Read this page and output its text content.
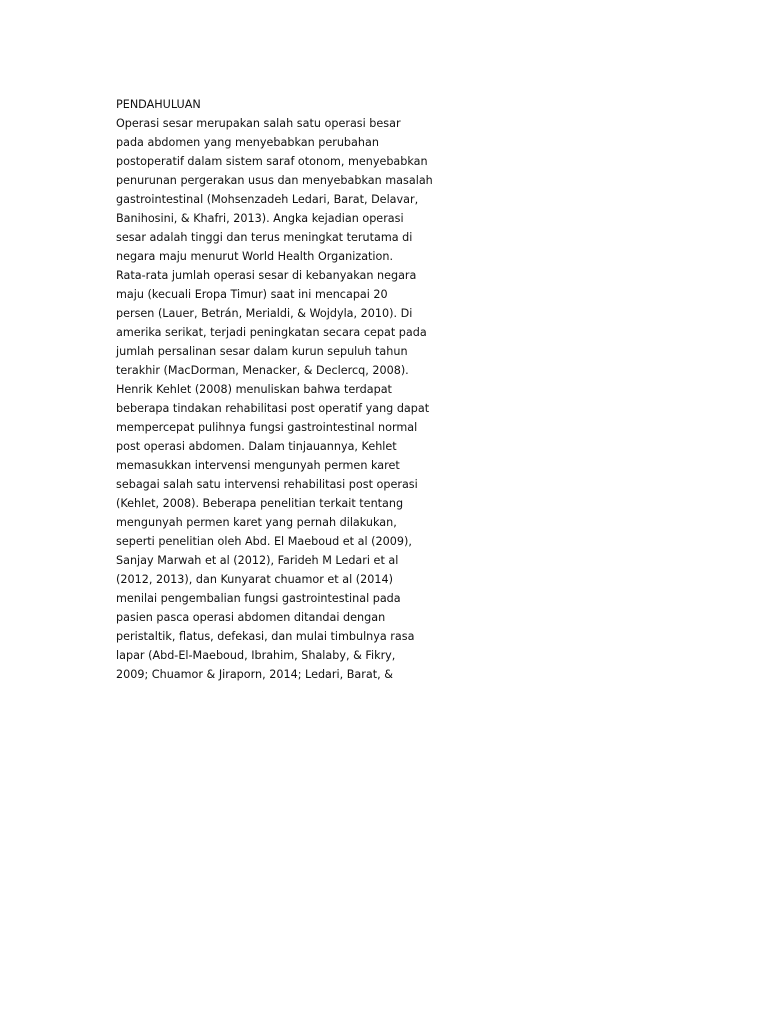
PENDAHULUAN
Operasi sesar merupakan salah satu operasi besar
pada abdomen yang menyebabkan perubahan
postoperatif dalam sistem saraf otonom, menyebabkan
penurunan pergerakan usus dan menyebabkan masalah
gastrointestinal (Mohsenzadeh Ledari, Barat, Delavar,
Banihosini, & Khafri, 2013). Angka kejadian operasi
sesar adalah tinggi dan terus meningkat terutama di
negara maju menurut World Health Organization.
Rata-rata jumlah operasi sesar di kebanyakan negara
maju (kecuali Eropa Timur) saat ini mencapai 20
persen (Lauer, Betrán, Merialdi, & Wojdyla, 2010). Di
amerika serikat, terjadi peningkatan secara cepat pada
jumlah persalinan sesar dalam kurun sepuluh tahun
terakhir (MacDorman, Menacker, & Declercq, 2008).
Henrik Kehlet (2008) menuliskan bahwa terdapat
beberapa tindakan rehabilitasi post operatif yang dapat
mempercepat pulihnya fungsi gastrointestinal normal
post operasi abdomen. Dalam tinjauannya, Kehlet
memasukkan intervensi mengunyah permen karet
sebagai salah satu intervensi rehabilitasi post operasi
(Kehlet, 2008). Beberapa penelitian terkait tentang
mengunyah permen karet yang pernah dilakukan,
seperti penelitian oleh Abd. El Maeboud et al (2009),
Sanjay Marwah et al (2012), Farideh M Ledari et al
(2012, 2013), dan Kunyarat chuamor et al (2014)
menilai pengembalian fungsi gastrointestinal pada
pasien pasca operasi abdomen ditandai dengan
peristaltik, flatus, defekasi, dan mulai timbulnya rasa
lapar (Abd-El-Maeboud, Ibrahim, Shalaby, & Fikry,
2009; Chuamor & Jiraporn, 2014; Ledari, Barat, &
